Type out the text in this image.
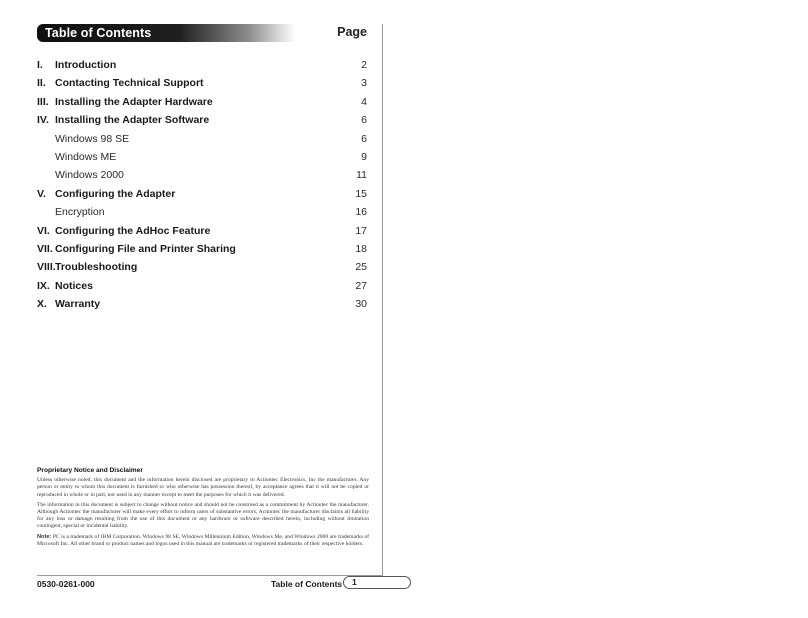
Table of Contents	Page
I. Introduction	2
II. Contacting Technical Support	3
III. Installing the Adapter Hardware	4
IV. Installing the Adapter Software	6
Windows 98 SE	6
Windows ME	9
Windows 2000	11
V. Configuring the Adapter	15
Encryption	16
VI. Configuring the AdHoc Feature	17
VII. Configuring File and Printer Sharing	18
VIII. Troubleshooting	25
IX. Notices	27
X. Warranty	30
Proprietary Notice and Disclaimer

Unless otherwise noted, this document and the information herein disclosed are proprietary to Actiontec Electronics, Inc the manufacturer. Any person or entity to whom this document is furnished or who otherwise has possession thereof, by acceptance agrees that it will not be copied or reproduced in whole or in part, nor used in any manner except to meet the purposes for which it was delivered.

The information in this document is subject to change without notice and should not be construed as a commitment by Actiontec the manufacturer. Although Actiontec the manufacturer will make every effort to inform users of substantive errors, Actiontec the manufacturer disclaims all liability for any loss or damage resulting from the use of this document or any hardware or software described herein, including without limitation contingent, special or incidental liability.

Note: PC is a trademark of IBM Corporation. Windows 98 SE, Windows Millennium Edition, Windows Me, and Windows 2000 are trademarks of Microsoft Inc. All other brand or product names and logos used in this manual are trademarks or registered trademarks of their respective holders.

0530-0261-000	Table of Contents 1
